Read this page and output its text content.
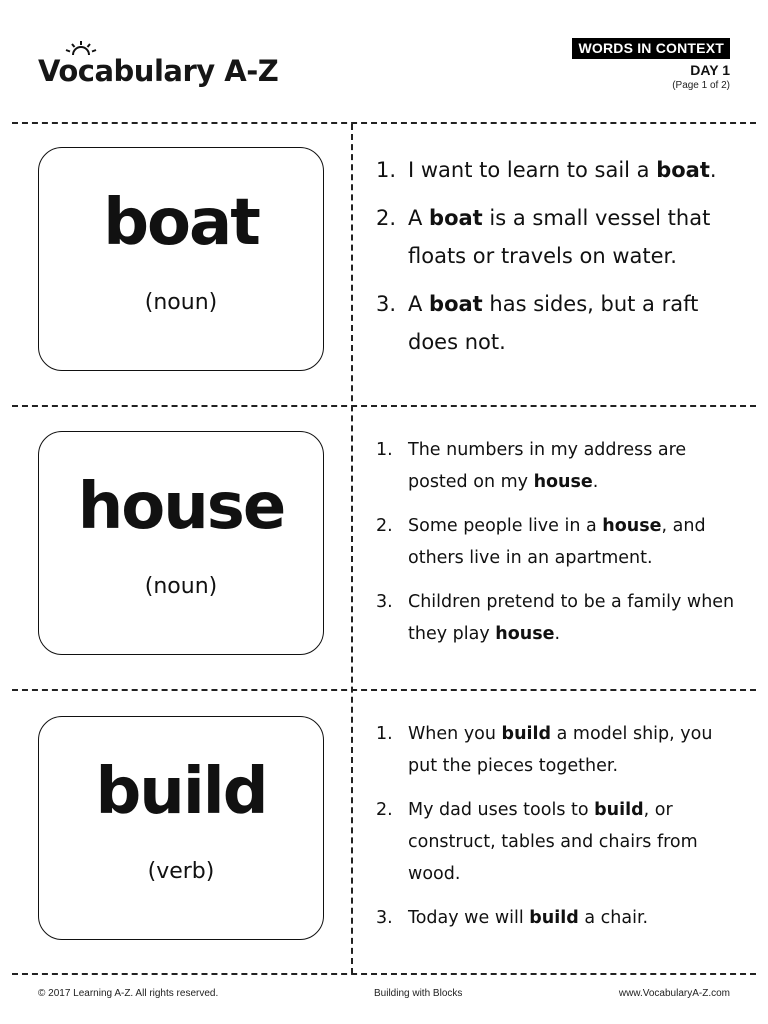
Vocabulary A-Z
WORDS IN CONTEXT
DAY 1
(Page 1 of 2)
boat
(noun)
1. I want to learn to sail a boat.
2. A boat is a small vessel that floats or travels on water.
3. A boat has sides, but a raft does not.
house
(noun)
1. The numbers in my address are posted on my house.
2. Some people live in a house, and others live in an apartment.
3. Children pretend to be a family when they play house.
build
(verb)
1. When you build a model ship, you put the pieces together.
2. My dad uses tools to build, or construct, tables and chairs from wood.
3. Today we will build a chair.
© 2017 Learning A-Z. All rights reserved.	Building with Blocks	www.VocabularyA-Z.com
